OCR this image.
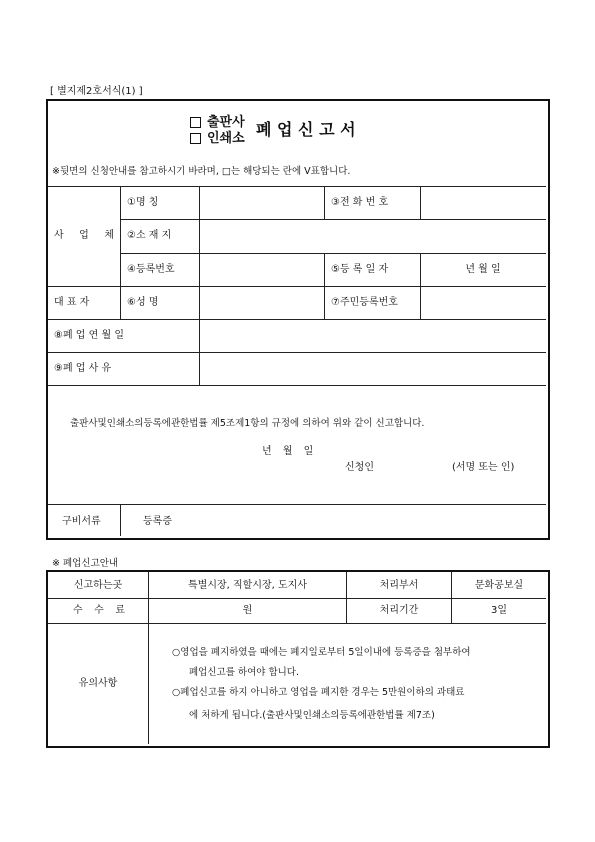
[ 별지제2호서식(1) ]
출판사
인쇄소 폐 업 신 고 서
※뒷면의 신청안내를 참고하시기 바라며, □는 해당되는 란에 V표합니다.
사 업 체
①명 칭	③전 화 번 호
②소 재 지
④등록번호	⑤등 록 일 자	년 월 일
대 표 자	⑥성 명	⑦주민등록번호
⑧폐 업 연 월 일
⑨폐 업 사 유
출판사및인쇄소의등록에관한법률 제5조제1항의 규정에 의하여 위와 같이 신고합니다.
년 월 일
신청인	(서명 또는 인)
구비서류	등록증
※ 폐업신고안내
신고하는곳	특별시장, 직할시장, 도지사	처리부서	문화공보실
수 수 료	원	처리기간	3일
유의사항
○영업을 폐지하였을 때에는 폐지일로부터 5일이내에 등록증을 첨부하여
폐업신고를 하여야 합니다.
○폐업신고를 하지 아니하고 영업을 폐지한 경우는 5만원이하의 과태료
에 처하게 됩니다.(출판사및인쇄소의등록에관한법률 제7조)
